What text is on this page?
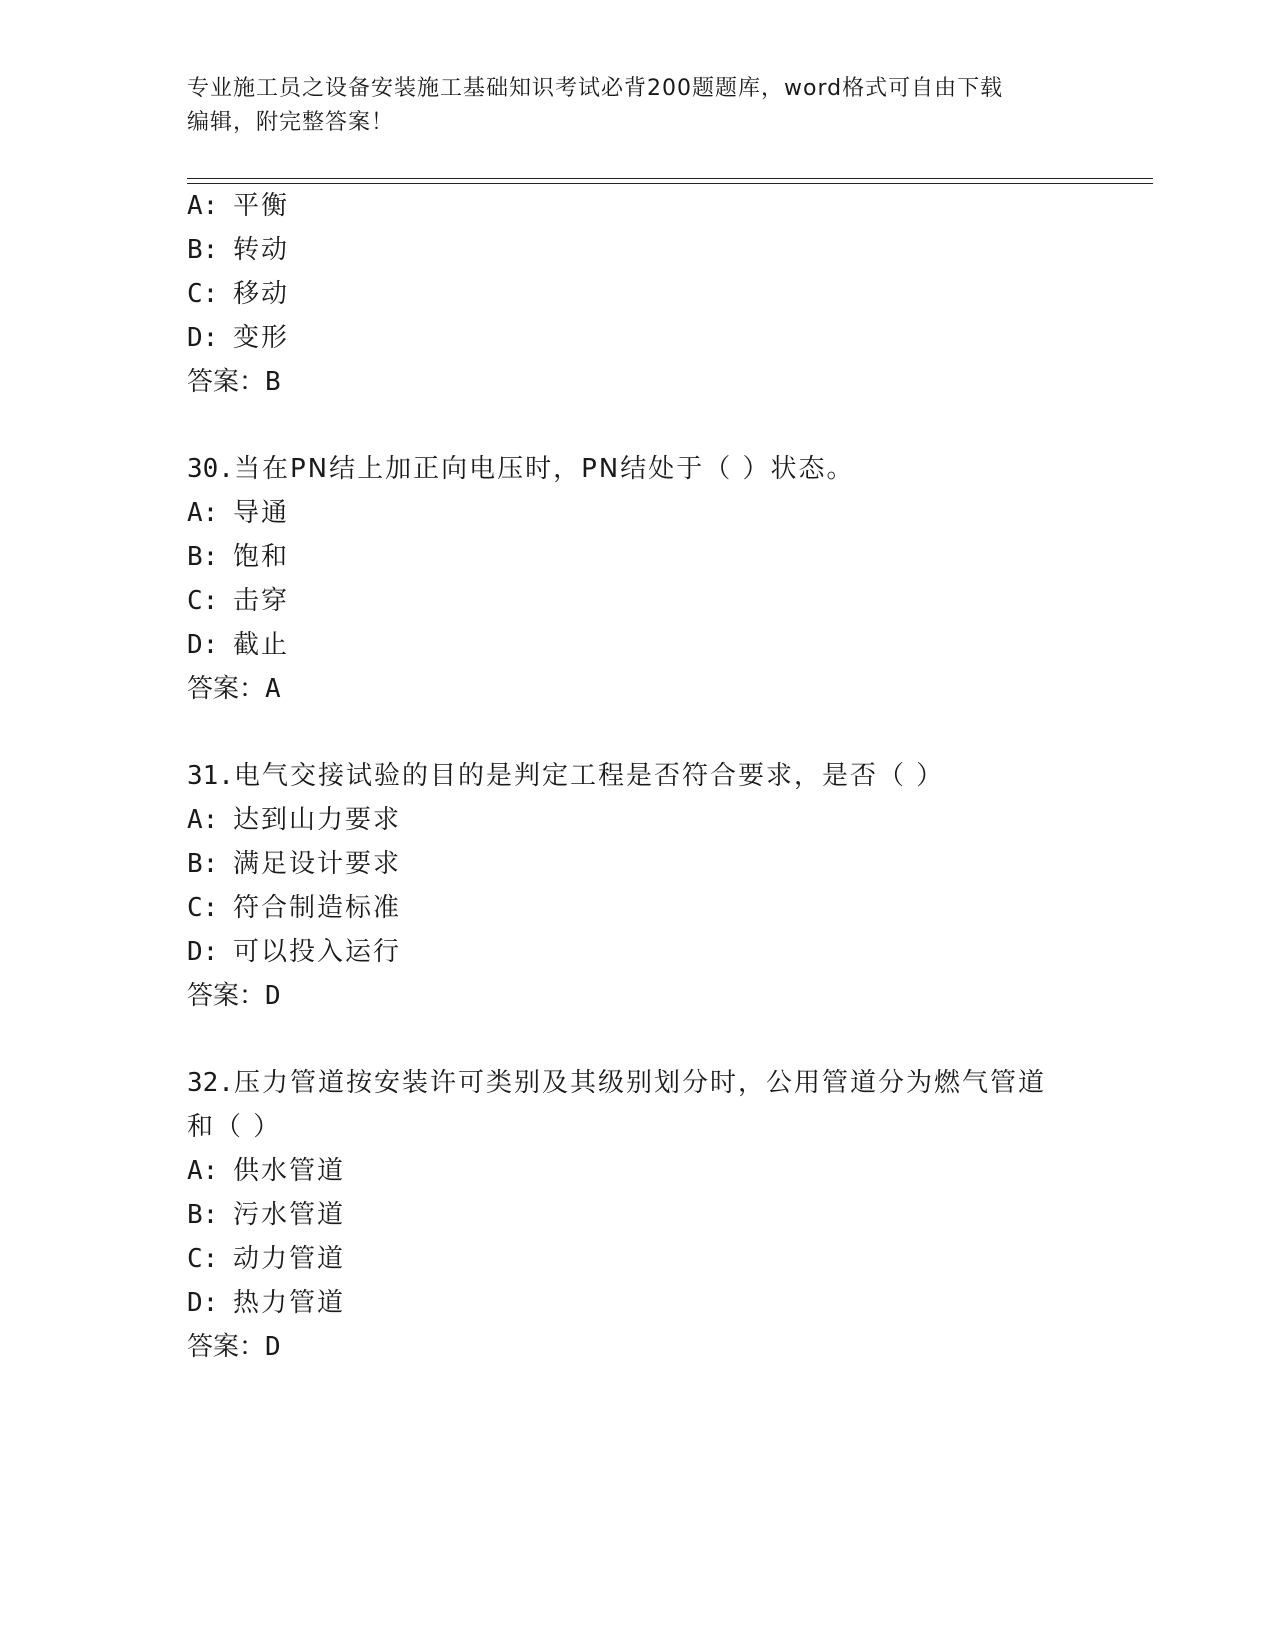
专业施工员之设备安装施工基础知识考试必背200题题库，word格式可自由下载
编辑，附完整答案！
A: 平衡
B: 转动
C: 移动
D: 变形
答案：B
30.当在PN结上加正向电压时，PN结处于（ ）状态。
A: 导通
B: 饱和
C: 击穿
D: 截止
答案：A
31.电气交接试验的目的是判定工程是否符合要求，是否（ ）
A: 达到山力要求
B: 满足设计要求
C: 符合制造标准
D: 可以投入运行
答案：D
32.压力管道按安装许可类别及其级别划分时，公用管道分为燃气管道
和（ ）
A: 供水管道
B: 污水管道
C: 动力管道
D: 热力管道
答案：D
